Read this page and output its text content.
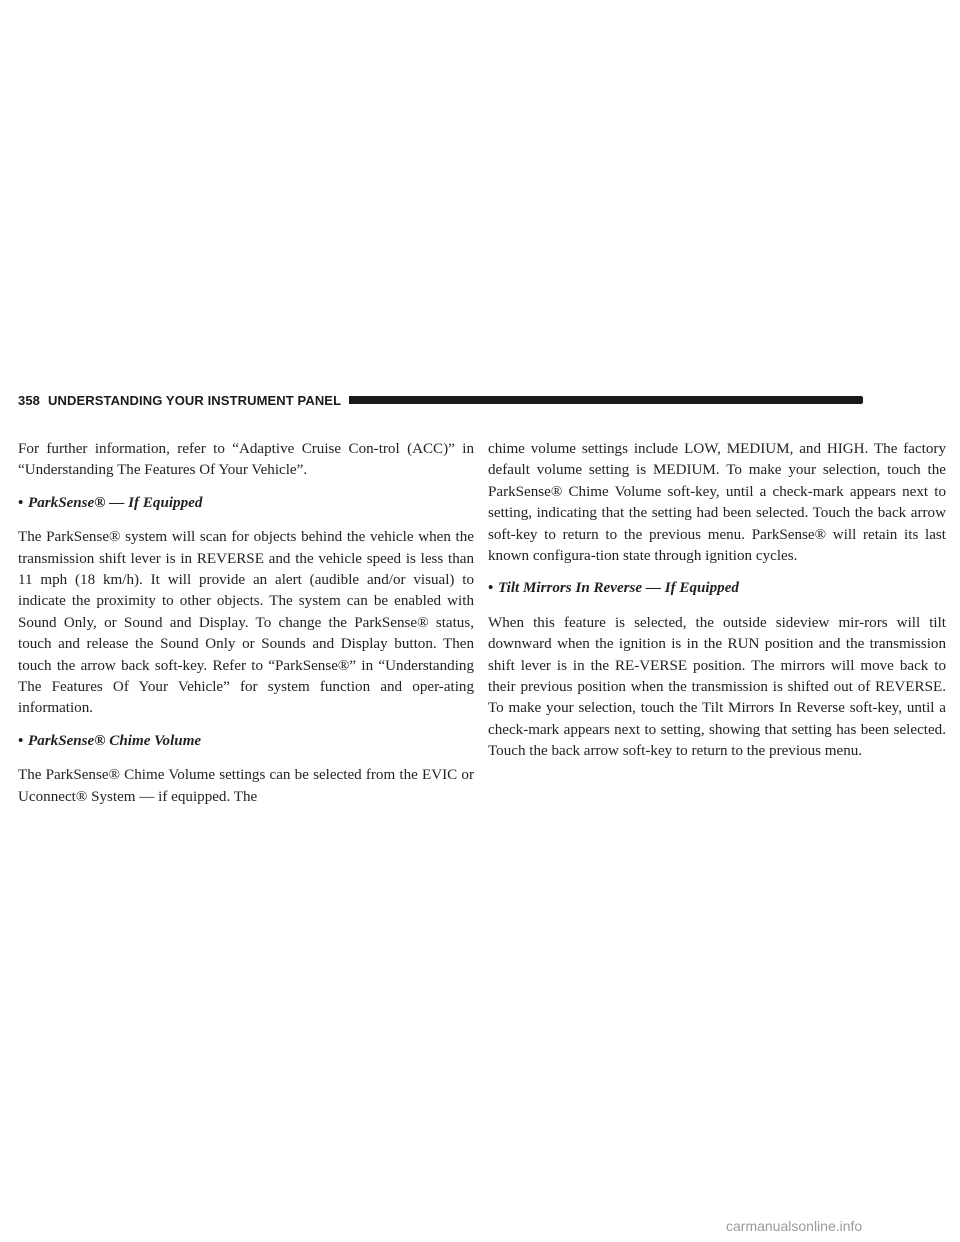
358 UNDERSTANDING YOUR INSTRUMENT PANEL

For further information, refer to “Adaptive Cruise Con-trol (ACC)” in “Understanding The Features Of Your Vehicle”.

• ParkSense® — If Equipped

The ParkSense® system will scan for objects behind the vehicle when the transmission shift lever is in REVERSE and the vehicle speed is less than 11 mph (18 km/h). It will provide an alert (audible and/or visual) to indicate the proximity to other objects. The system can be enabled with Sound Only, or Sound and Display. To change the ParkSense® status, touch and release the Sound Only or Sounds and Display button. Then touch the arrow back soft-key. Refer to “ParkSense®” in “Understanding The Features Of Your Vehicle” for system function and oper-ating information.

• ParkSense® Chime Volume

The ParkSense® Chime Volume settings can be selected from the EVIC or Uconnect® System — if equipped. The

chime volume settings include LOW, MEDIUM, and HIGH. The factory default volume setting is MEDIUM. To make your selection, touch the ParkSense® Chime Volume soft-key, until a check-mark appears next to setting, indicating that the setting had been selected. Touch the back arrow soft-key to return to the previous menu. ParkSense® will retain its last known configura-tion state through ignition cycles.

• Tilt Mirrors In Reverse — If Equipped

When this feature is selected, the outside sideview mir-rors will tilt downward when the ignition is in the RUN position and the transmission shift lever is in the RE-VERSE position. The mirrors will move back to their previous position when the transmission is shifted out of REVERSE. To make your selection, touch the Tilt Mirrors In Reverse soft-key, until a check-mark appears next to setting, showing that setting has been selected. Touch the back arrow soft-key to return to the previous menu.

carmanualsonline.info
